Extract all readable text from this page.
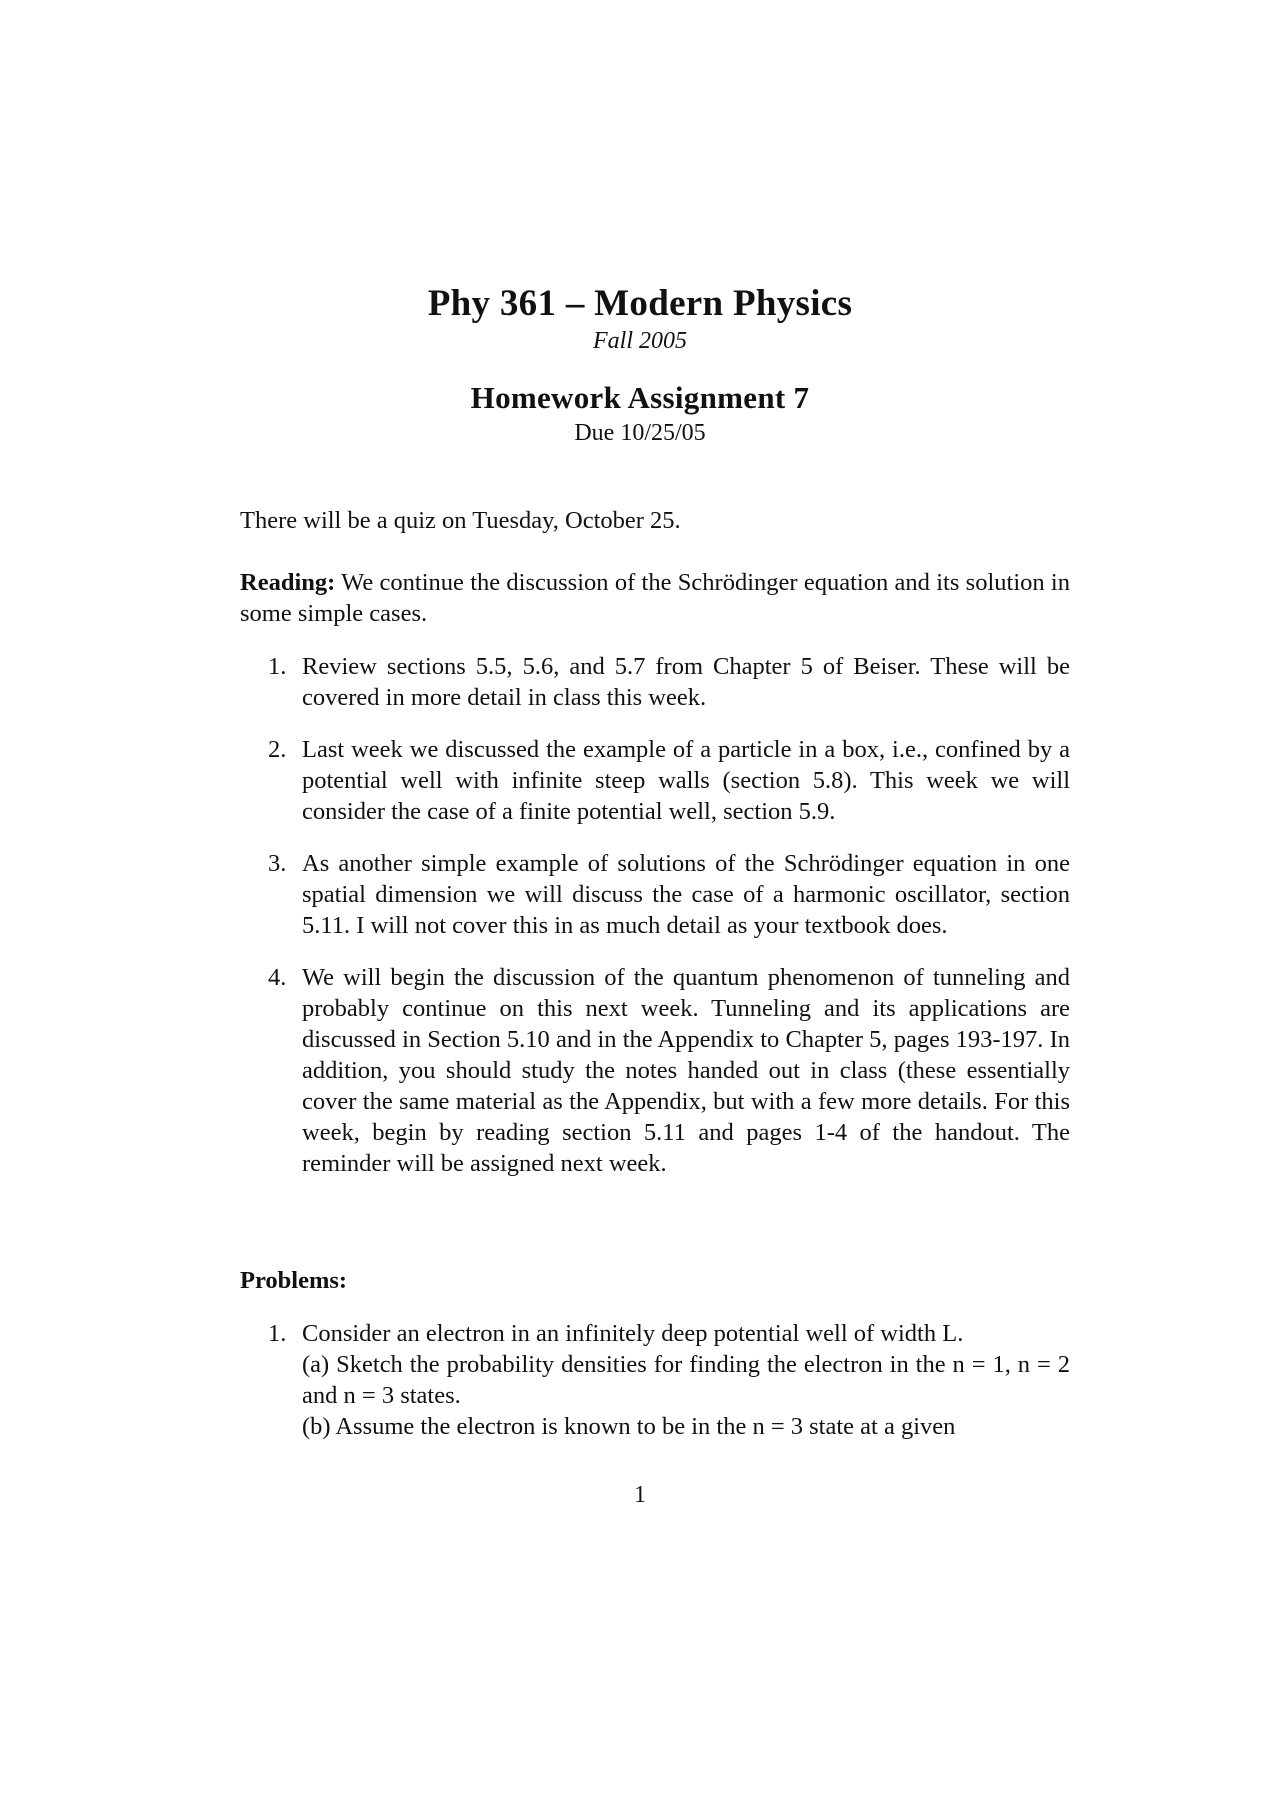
Phy 361 – Modern Physics
Fall 2005
Homework Assignment 7
Due 10/25/05
There will be a quiz on Tuesday, October 25.
Reading: We continue the discussion of the Schrödinger equation and its solution in some simple cases.
1. Review sections 5.5, 5.6, and 5.7 from Chapter 5 of Beiser. These will be covered in more detail in class this week.
2. Last week we discussed the example of a particle in a box, i.e., confined by a potential well with infinite steep walls (section 5.8). This week we will consider the case of a finite potential well, section 5.9.
3. As another simple example of solutions of the Schrödinger equation in one spatial dimension we will discuss the case of a harmonic oscillator, section 5.11. I will not cover this in as much detail as your textbook does.
4. We will begin the discussion of the quantum phenomenon of tunneling and probably continue on this next week. Tunneling and its applications are discussed in Section 5.10 and in the Appendix to Chapter 5, pages 193-197. In addition, you should study the notes handed out in class (these essentially cover the same material as the Appendix, but with a few more details. For this week, begin by reading section 5.11 and pages 1-4 of the handout. The reminder will be assigned next week.
Problems:
1. Consider an electron in an infinitely deep potential well of width L.
(a) Sketch the probability densities for finding the electron in the n = 1, n = 2 and n = 3 states.
(b) Assume the electron is known to be in the n = 3 state at a given
1
